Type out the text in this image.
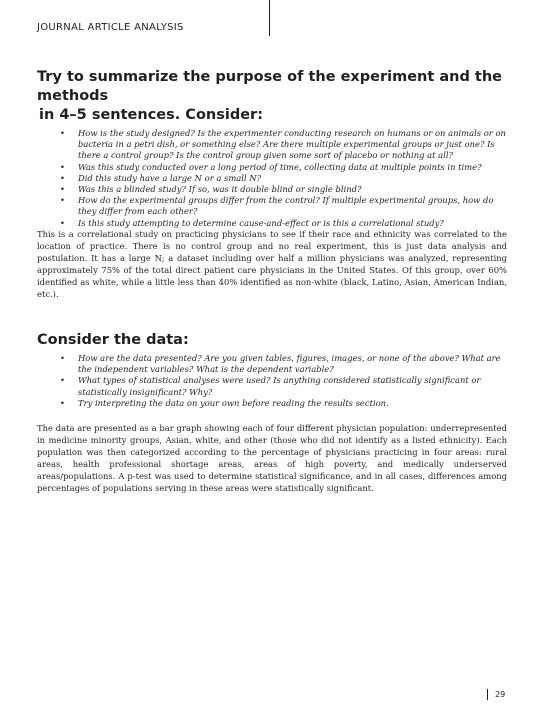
JOURNAL ARTICLE ANALYSIS
Try to summarize the purpose of the experiment and the methods
in 4–5 sentences. Consider:
• How is the study designed? Is the experimenter conducting research on humans or on animals or on bacteria in a petri dish, or something else? Are there multiple experimental groups or just one? Is there a control group? Is the control group given some sort of placebo or nothing at all?
• Was this study conducted over a long period of time, collecting data at multiple points in time?
• Did this study have a large N or a small N?
• Was this a blinded study? If so, was it double blind or single blind?
• How do the experimental groups differ from the control? If multiple experimental groups, how do they differ from each other?
• Is this study attempting to determine cause-and-effect or is this a correlational study?

This is a correlational study on practicing physicians to see if their race and ethnicity was correlated to the location of practice. There is no control group and no real experiment, this is just data analysis and postulation. It has a large N; a dataset including over half a million physicians was analyzed, representing approximately 75% of the total direct patient care physicians in the United States. Of this group, over 60% identified as white, while a little less than 40% identified as non-white (black, Latino, Asian, American Indian, etc.).

Consider the data:
• How are the data presented? Are you given tables, figures, images, or none of the above? What are the independent variables? What is the dependent variable?
• What types of statistical analyses were used? Is anything considered statistically significant or statistically insignificant? Why?
• Try interpreting the data on your own before reading the results section.

The data are presented as a bar graph showing each of four different physician population: underrepresented in medicine minority groups, Asian, white, and other (those who did not identify as a listed ethnicity). Each population was then categorized according to the percentage of physicians practicing in four areas: rural areas, health professional shortage areas, areas of high poverty, and medically underserved areas/populations. A p-test was used to determine statistical significance, and in all cases, differences among percentages of populations serving in these areas were statistically significant.

29
